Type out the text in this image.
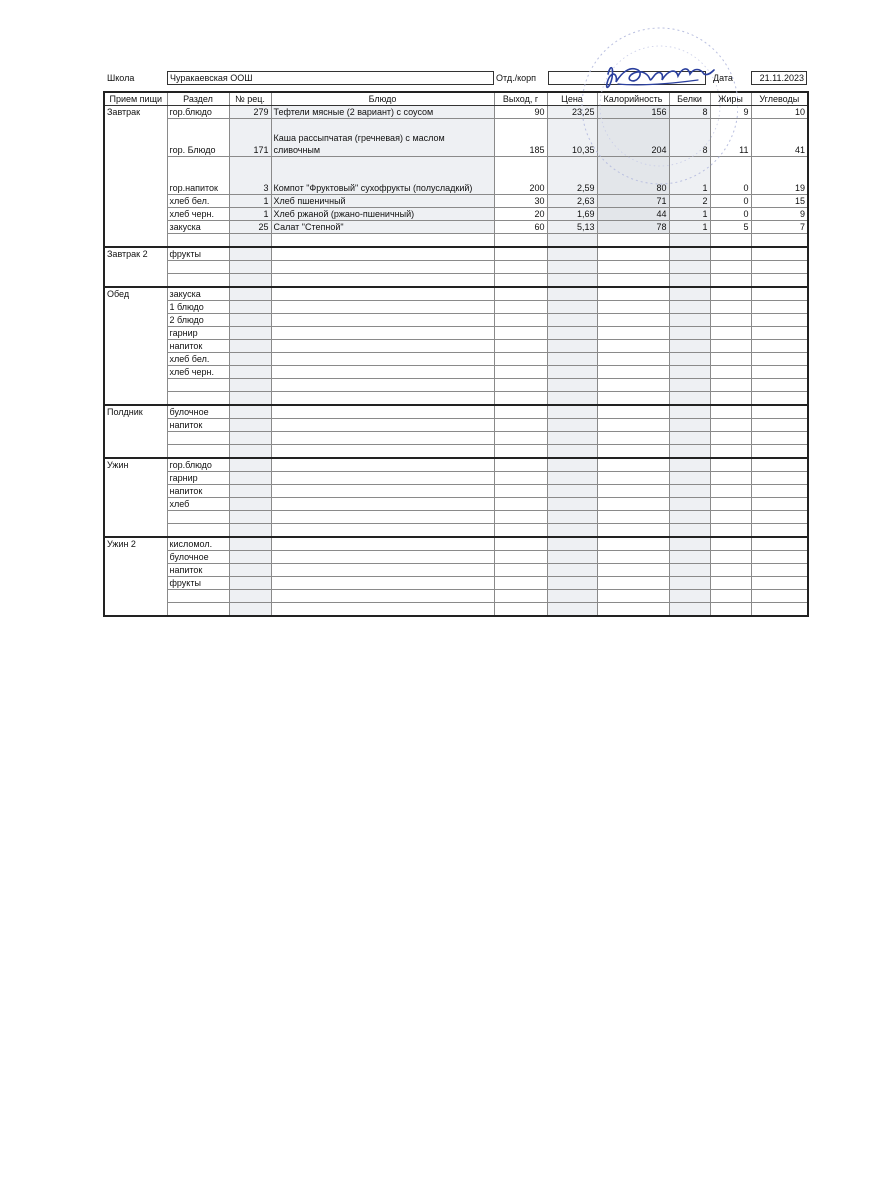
Школа	Чуракаевская ООШ	Отд./корп	Дата	21.11.2023
Прием пищи	Раздел	№ рец.	Блюдо	Выход, г	Цена	Калорийность	Белки	Жиры	Углеводы
Завтрак	гор.блюдо	279	Тефтели мясные (2 вариант) с соусом	90	23,25	156	8	9	10
	гор. Блюдо	171	Каша рассыпчатая (гречневая) с маслом сливочным	185	10,35	204	8	11	41
	гор.напиток	3	Компот "Фруктовый" сухофрукты (полусладкий)	200	2,59	80	1	0	19
	хлеб бел.	1	Хлеб пшеничный	30	2,63	71	2	0	15
	хлеб черн.	1	Хлеб ржаной (ржано-пшеничный)	20	1,69	44	1	0	9
	закуска	25	Салат "Степной"	60	5,13	78	1	5	7

Завтрак 2	фрукты								

Обед	закуска								
	1 блюдо								
	2 блюдо								
	гарнир								
	напиток								
	хлеб бел.								
	хлеб черн.								

Полдник	булочное								
	напиток								

Ужин	гор.блюдо								
	гарнир								
	напиток								
	хлеб								

Ужин 2	кисломол.								
	булочное								
	напиток								
	фрукты								
